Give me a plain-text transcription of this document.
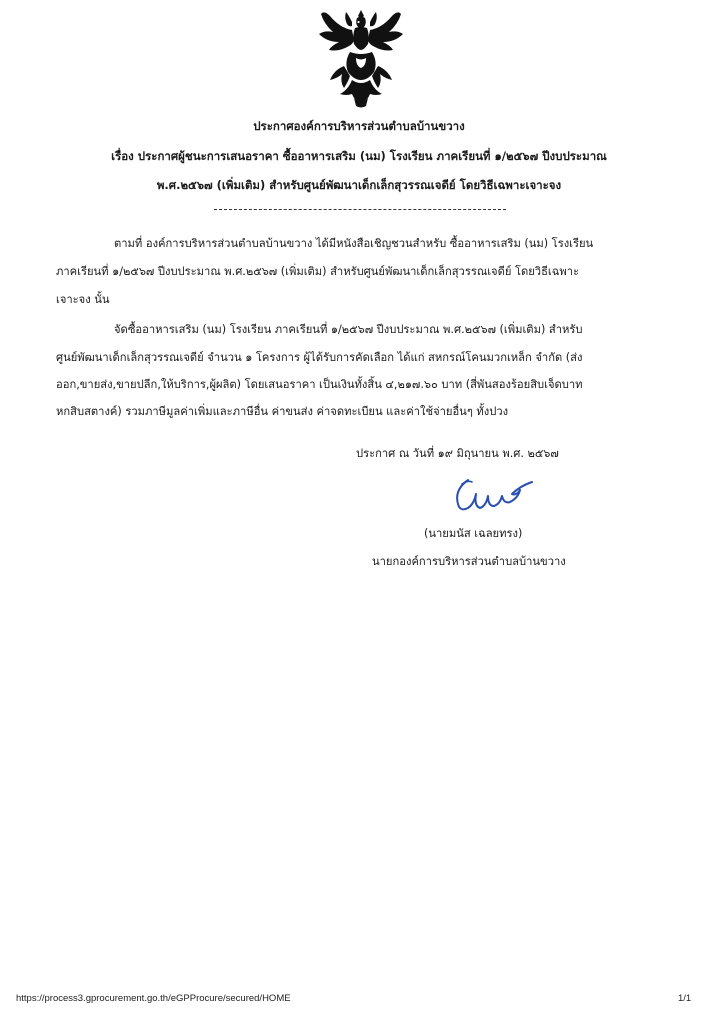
ประกาศองค์การบริหารส่วนตำบลบ้านขวาง
เรื่อง ประกาศผู้ชนะการเสนอราคา ซื้ออาหารเสริม (นม) โรงเรียน ภาคเรียนที่ ๑/๒๕๖๗ ปีงบประมาณ
พ.ศ.๒๕๖๗ (เพิ่มเติม) สำหรับศูนย์พัฒนาเด็กเล็กสุวรรณเจดีย์ โดยวิธีเฉพาะเจาะจง
ตามที่ องค์การบริหารส่วนตำบลบ้านขวาง ได้มีหนังสือเชิญชวนสำหรับ ซื้ออาหารเสริม (นม) โรงเรียน
ภาคเรียนที่ ๑/๒๕๖๗ ปีงบประมาณ พ.ศ.๒๕๖๗ (เพิ่มเติม) สำหรับศูนย์พัฒนาเด็กเล็กสุวรรณเจดีย์ โดยวิธีเฉพาะ
เจาะจง นั้น
จัดซื้ออาหารเสริม (นม) โรงเรียน ภาคเรียนที่ ๑/๒๕๖๗ ปีงบประมาณ พ.ศ.๒๕๖๗ (เพิ่มเติม) สำหรับ
ศูนย์พัฒนาเด็กเล็กสุวรรณเจดีย์ จำนวน ๑ โครงการ ผู้ได้รับการคัดเลือก ได้แก่ สหกรณ์โคนมวกเหล็ก จำกัด (ส่ง
ออก,ขายส่ง,ขายปลีก,ให้บริการ,ผู้ผลิต) โดยเสนอราคา เป็นเงินทั้งสิ้น ๔,๒๑๗.๖๐ บาท (สี่พันสองร้อยสิบเจ็ดบาท
หกสิบสตางค์) รวมภาษีมูลค่าเพิ่มและภาษีอื่น ค่าขนส่ง ค่าจดทะเบียน และค่าใช้จ่ายอื่นๆ ทั้งปวง
ประกาศ ณ วันที่ ๑๙ มิถุนายน พ.ศ. ๒๕๖๗
(นายมนัส เฉลยทรง)
นายกองค์การบริหารส่วนตำบลบ้านขวาง
https://process3.gprocurement.go.th/eGPProcure/secured/HOME	1/1
